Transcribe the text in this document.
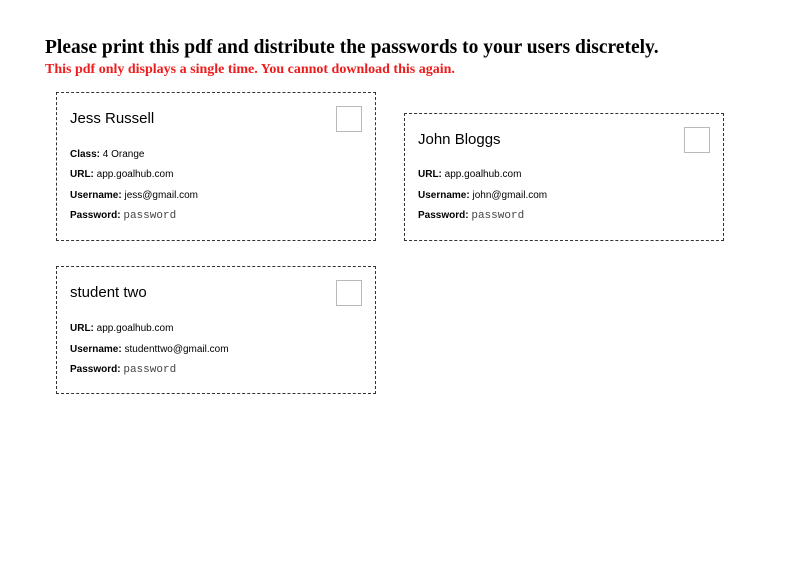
Please print this pdf and distribute the passwords to your users discretely.
This pdf only displays a single time. You cannot download this again.
Jess Russell
Class: 4 Orange
URL: app.goalhub.com
Username: jess@gmail.com
Password: password
John Bloggs
URL: app.goalhub.com
Username: john@gmail.com
Password: password
student two
URL: app.goalhub.com
Username: studenttwo@gmail.com
Password: password
